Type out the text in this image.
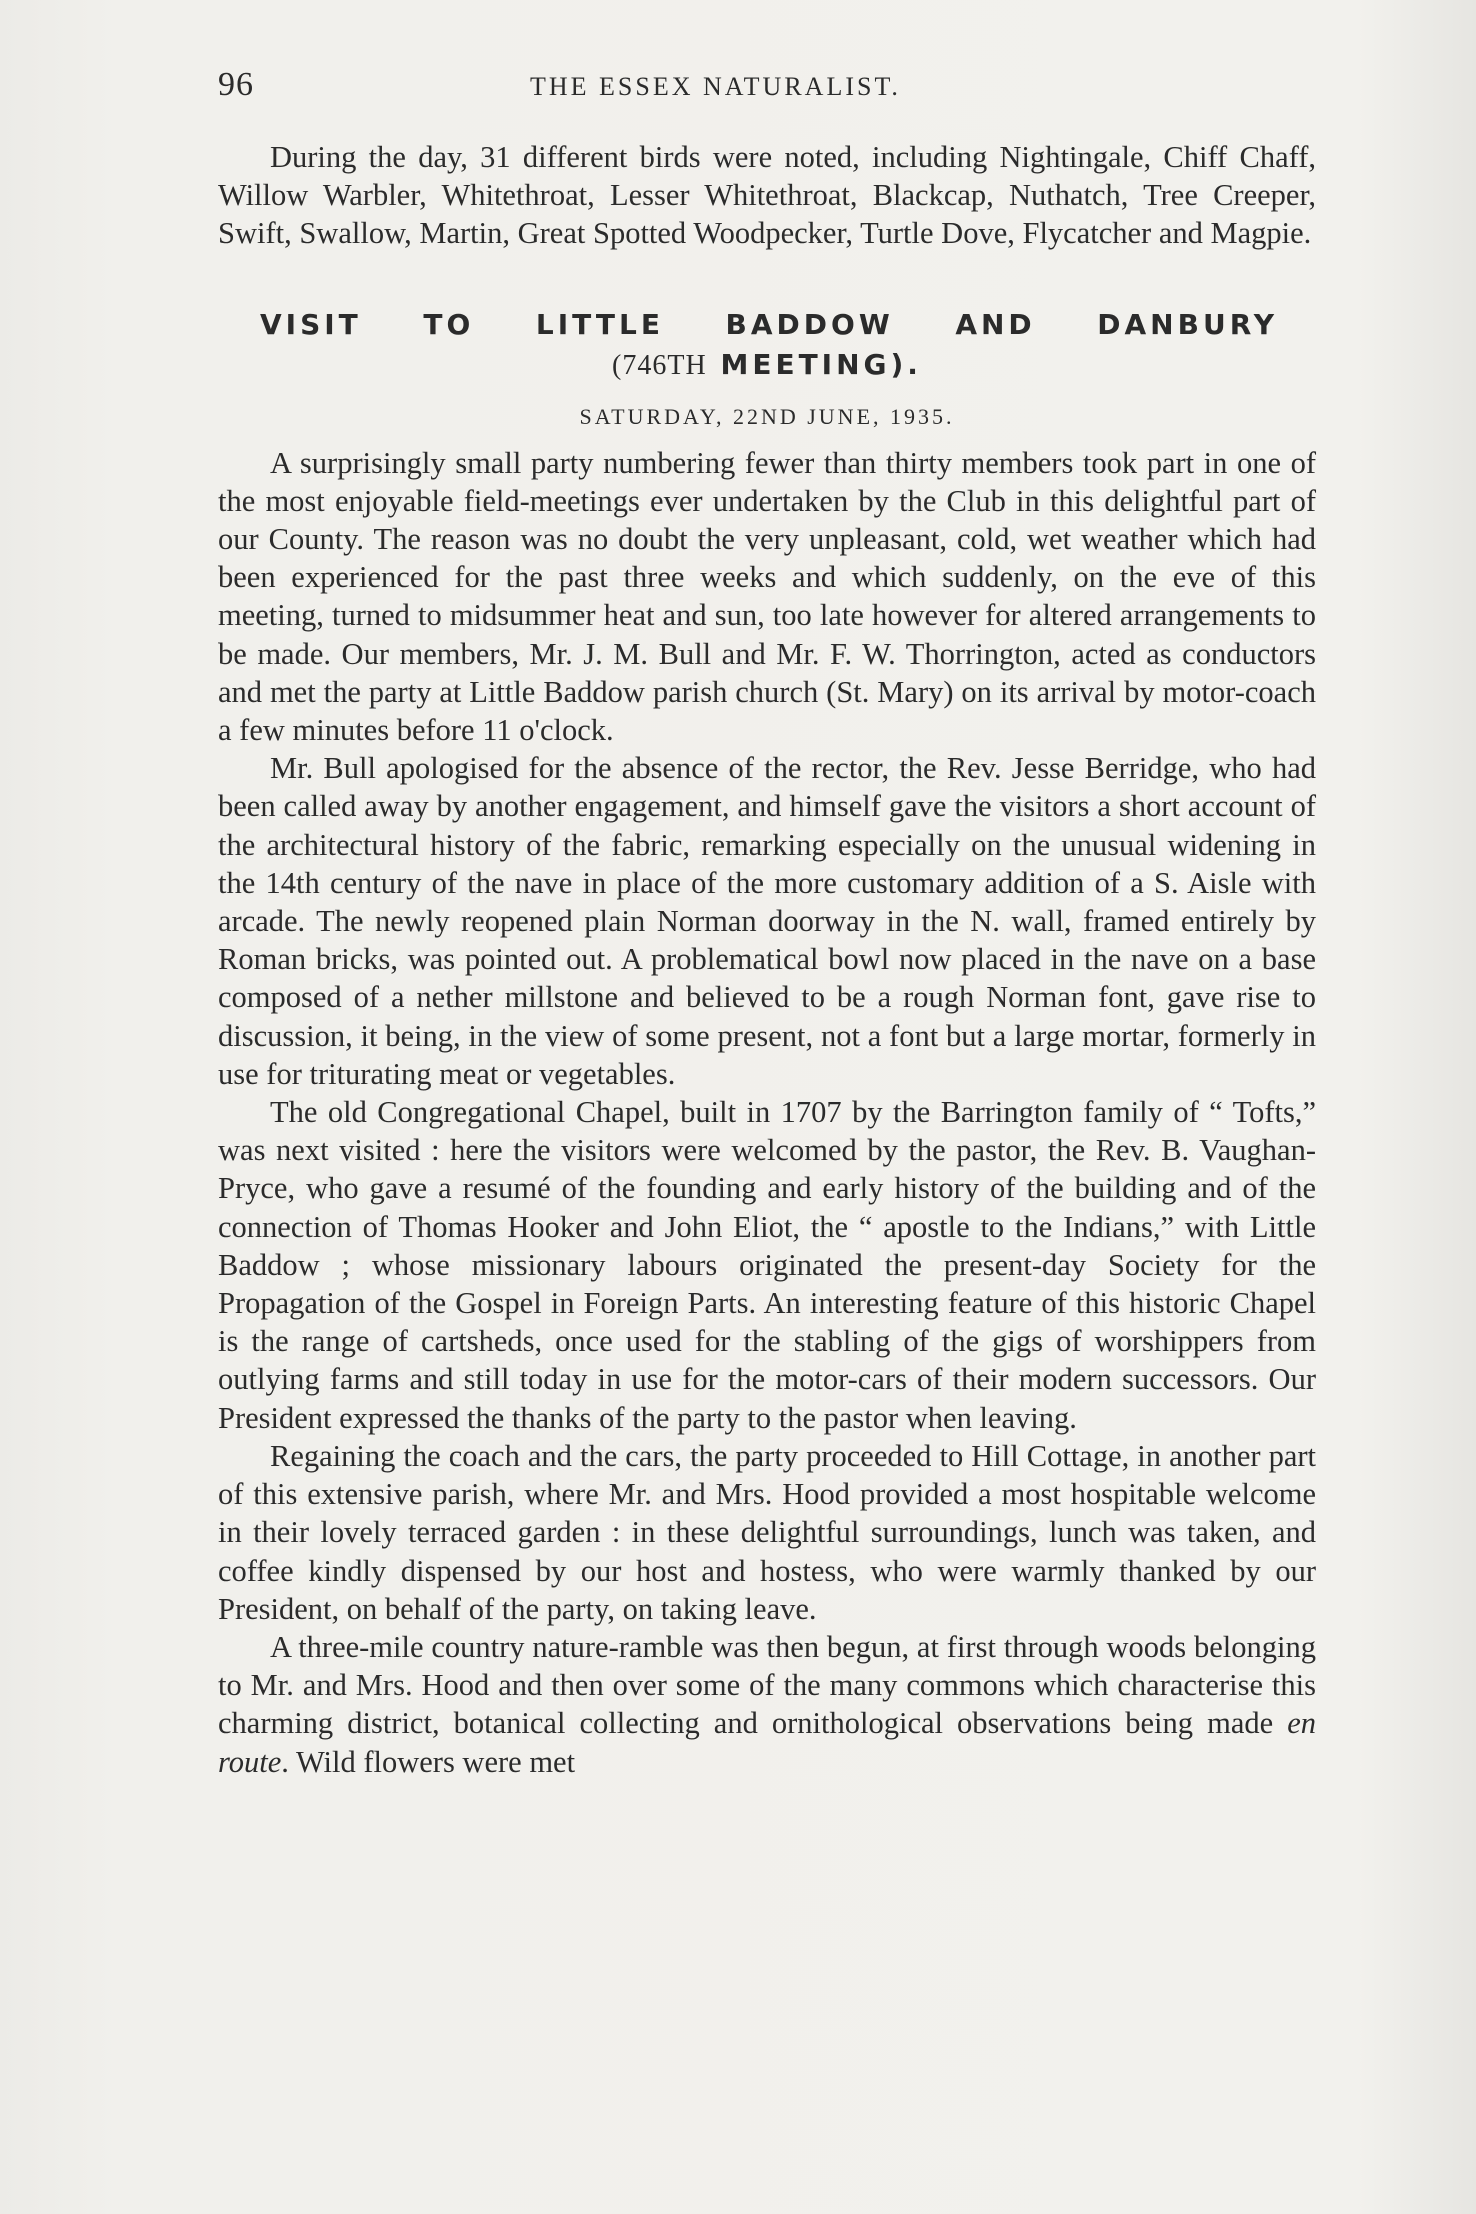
96	THE ESSEX NATURALIST.

During the day, 31 different birds were noted, including Nightingale, Chiff Chaff, Willow Warbler, Whitethroat, Lesser Whitethroat, Blackcap, Nuthatch, Tree Creeper, Swift, Swallow, Martin, Great Spotted Woodpecker, Turtle Dove, Flycatcher and Magpie.

VISIT TO LITTLE BADDOW AND DANBURY
(746TH MEETING).
SATURDAY, 22ND JUNE, 1935.

A surprisingly small party numbering fewer than thirty members took part in one of the most enjoyable field-meetings ever undertaken by the Club in this delightful part of our County. The reason was no doubt the very unpleasant, cold, wet weather which had been experienced for the past three weeks and which suddenly, on the eve of this meeting, turned to midsummer heat and sun, too late however for altered arrangements to be made. Our members, Mr. J. M. Bull and Mr. F. W. Thorrington, acted as conductors and met the party at Little Baddow parish church (St. Mary) on its arrival by motor-coach a few minutes before 11 o'clock.

Mr. Bull apologised for the absence of the rector, the Rev. Jesse Berridge, who had been called away by another engagement, and himself gave the visitors a short account of the architectural history of the fabric, remarking especially on the unusual widening in the 14th century of the nave in place of the more customary addition of a S. Aisle with arcade. The newly reopened plain Norman doorway in the N. wall, framed entirely by Roman bricks, was pointed out. A problematical bowl now placed in the nave on a base composed of a nether millstone and believed to be a rough Norman font, gave rise to discussion, it being, in the view of some present, not a font but a large mortar, formerly in use for triturating meat or vegetables.

The old Congregational Chapel, built in 1707 by the Barrington family of “ Tofts,” was next visited : here the visitors were welcomed by the pastor, the Rev. B. Vaughan-Pryce, who gave a resumé of the founding and early history of the building and of the connection of Thomas Hooker and John Eliot, the “ apostle to the Indians,” with Little Baddow ; whose missionary labours originated the present-day Society for the Propagation of the Gospel in Foreign Parts. An interesting feature of this historic Chapel is the range of cartsheds, once used for the stabling of the gigs of worshippers from outlying farms and still today in use for the motor-cars of their modern successors. Our President expressed the thanks of the party to the pastor when leaving.

Regaining the coach and the cars, the party proceeded to Hill Cottage, in another part of this extensive parish, where Mr. and Mrs. Hood provided a most hospitable welcome in their lovely terraced garden : in these delightful surroundings, lunch was taken, and coffee kindly dispensed by our host and hostess, who were warmly thanked by our President, on behalf of the party, on taking leave.

A three-mile country nature-ramble was then begun, at first through woods belonging to Mr. and Mrs. Hood and then over some of the many commons which characterise this charming district, botanical collecting and ornithological observations being made en route. Wild flowers were met
